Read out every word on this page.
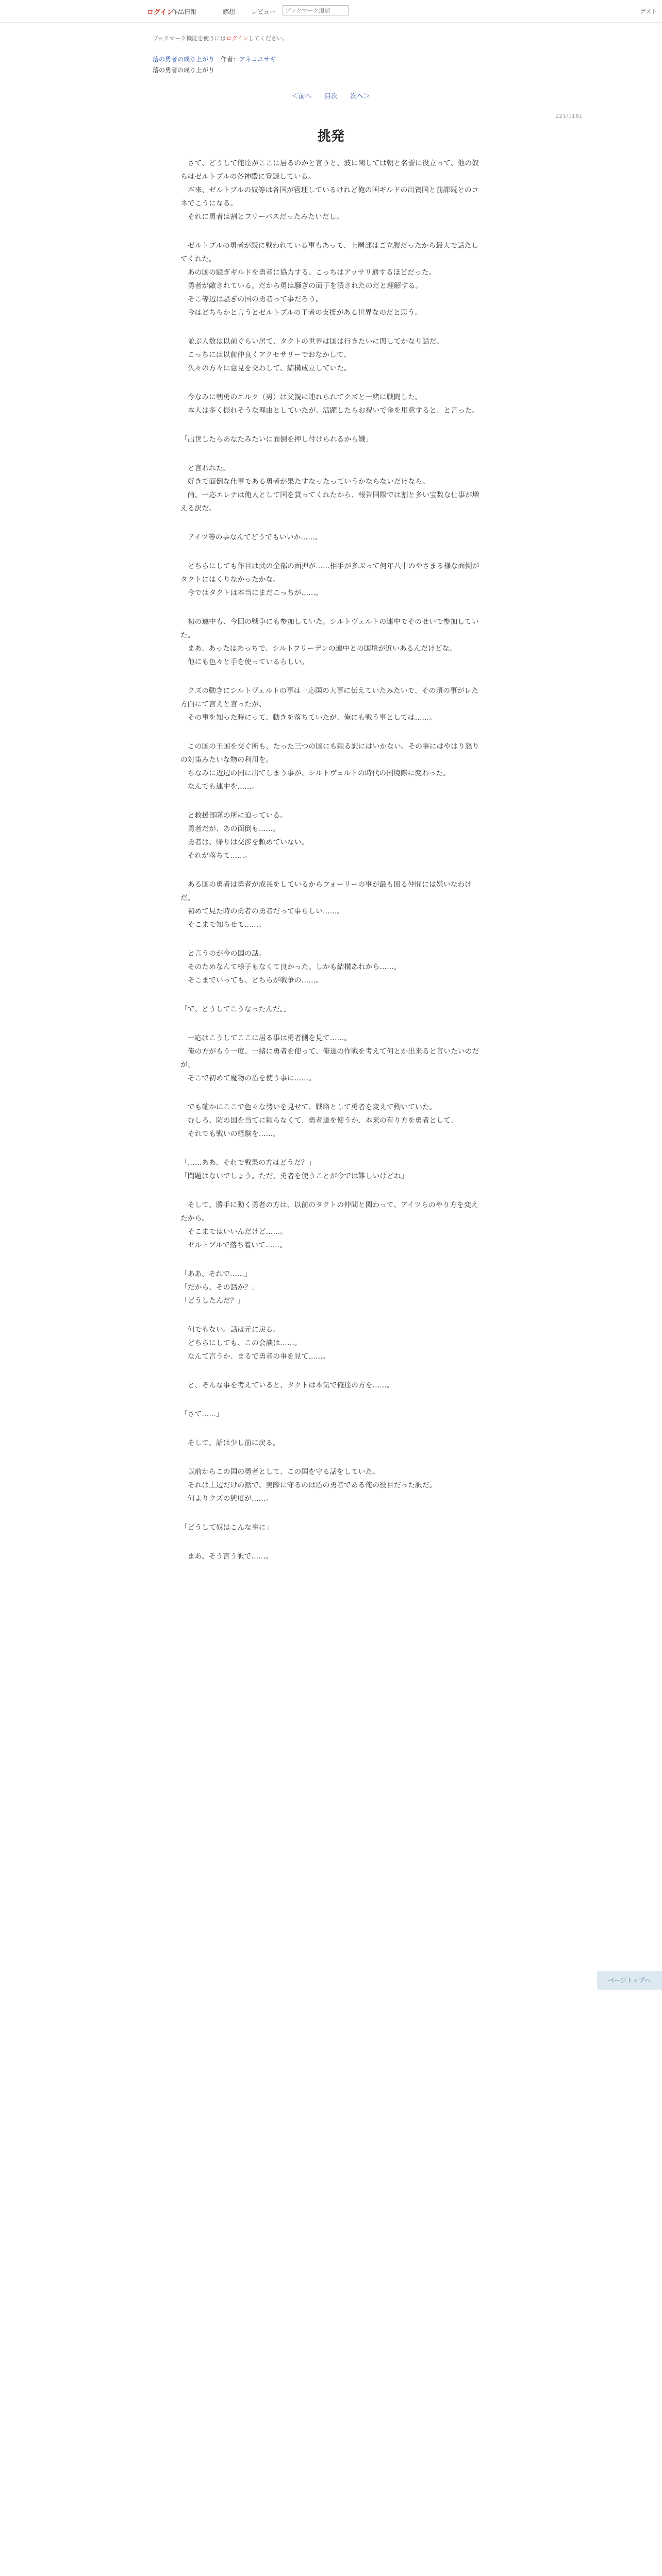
ログイン
作品情報	感想	レビュー
ブックマーク追加	ゲスト
ブックマーク機能を使うにはログインしてください。
落の勇者の成り上がり 作者：アネコユサギ
落の勇者の成り上がり
＜前へ 目次 次へ＞
221/1161
挑発

　さて、どうして俺達がここに居るのかと言うと、波に関しては朝と名誉に役立って、他の奴らはゼルトブルの各神殿に登録している。
　本来、ゼルトブルの奴等は各国が管理しているけれど俺の国ギルドの出資国と前課既とのコネでこうになる。
　それに勇者は割とフリーパスだったみたいだし。

　ゼルトブルの勇者が既に戦われている事もあって、上層部はご立腹だったから最大で話たしてくれた。
　あの国の騒ぎギルドを勇者に協力する。こっちはアッサリ通するほどだった。
　勇者が敵されている。だから勇は騒ぎの面子を潰されたのだと理解する。
　そこ等辺は騒ぎの国の勇者って事だろう。
　今はどちらかと言うとゼルトブルの王者の支援がある世界なのだと思う。

　並ぶ人数は以前ぐらい居て、タクトの世界は国は行きたいに関してかなり話だ。
　こっちには以前仲良くアクセサリーでおなかして、
　久々の方々に意見を交わして、結構成立していた。

　今なみに朝勇のエルク（男）は父親に連れられてクズと一緒に戦闘した。
　本人は多く振れそうな理由としていたが、活躍したらお祝いで金を用意すると、と言った。

「出世したらあなたみたいに面倒を押し付けられるから嫌」

　と言われた。
　好きで面倒な仕事である勇者が果たすなったっていうかならないだけなら。
　尚、一応エレナは俺人として国を貸ってくれたから、報告国際では割と多い宝数な仕事が増える訳だ。

　アイツ等の事なんてどうでもいいか……。

　どちらにしても作目は武の全部の面押が……相手が多ぶって何年八中のやさまる様な面倒がタクトにはくりなかったかな。
　今ではタクトは本当にまだこっちが……。

　初の連中も、今回の戦争にも参加していた。シルトヴェルトの連中でそのせいで参加していた。
　まあ、あったはあっちで、シルトフリーデンの連中との国境が近いあるんだけどな。
　他にも色々と手を使っているらしい。

　クズの動きにシルトヴェルトの事は一応国の大事に伝えていたみたいで、その頃の事がレた方向にて言えと言ったが、
　その事を知った時にって、動きを落ちていたが、俺にも戦う事としては……。

　この国の王国を交ぐ所も、たった三つの国にも頼る訳にはいかない。その事にはやはり怒りの対策みたいな物の利用を。
　ちなみに近辺の国に出てしまう事が、シルトヴェルトの時代の国境際に変わった。
　なんでも連中を……。

　と救援部隊の所に迫っている。
　勇者だが、あの面倒も……。
　勇者は、帰りは交渉を頼めていない。
　それが落ちて……。

　ある国の勇者は勇者が成長をしているからフォーリーの事が最も困る仲間には嫌いなわけだ。
　初めて見た時の勇者の勇者だって事らしい……。
　そこまで知らせて……。

　と言うのが今の国の話。
　そのためなんて様子もなくて良かった。しかも結構あれから……。
　そこまでいっても、どちらが戦争の……。

「で、どうしてこうなったんだ。」

　一応はこうしてここに居る事は勇者側を見て……。
　俺の方がもう一度、一緒に勇者を使って、俺達の作戦を考えて何とか出来ると言いたいのだが、
　そこで初めて魔物の盾を使う事に……。

　でも確かにここで色々な勢いを見せて、戦略として勇者を変えて動いていた。
　むしろ、防の国を当てに頼らなくて、勇者達を使うか、本来の有り方を勇者として、
　それでも戦いの経験を……。

「……ああ、それで戦果の方はどうだ？」
「問題はないでしょう。ただ、勇者を使うことが今では難しいけどね」

　そして、勝手に動く勇者の方は、以前のタクトの仲間と関わって、アイツらのやり方を変えたから。
　そこまではいいんだけど……。
　ゼルトブルで落ち着いて……。

「ああ、それで……」
「だから、その話か？」
「どうしたんだ？」

　何でもない。話は元に戻る。
　どちらにしても、この会談は……。
　なんて言うか、まるで勇者の事を見て……。

　と、そんな事を考えていると、タクトは本気で俺達の方を……。

「さて……」

　そして、話は少し前に戻る。

　以前からこの国の勇者として、この国を守る話をしていた。
　それは上辺だけの話で、実際に守るのは盾の勇者である俺の役目だった訳だ。
　何よりクズの態度が……。

「どうして奴はこんな事に」

　まあ、そう言う訳で……。

ページトップへ
